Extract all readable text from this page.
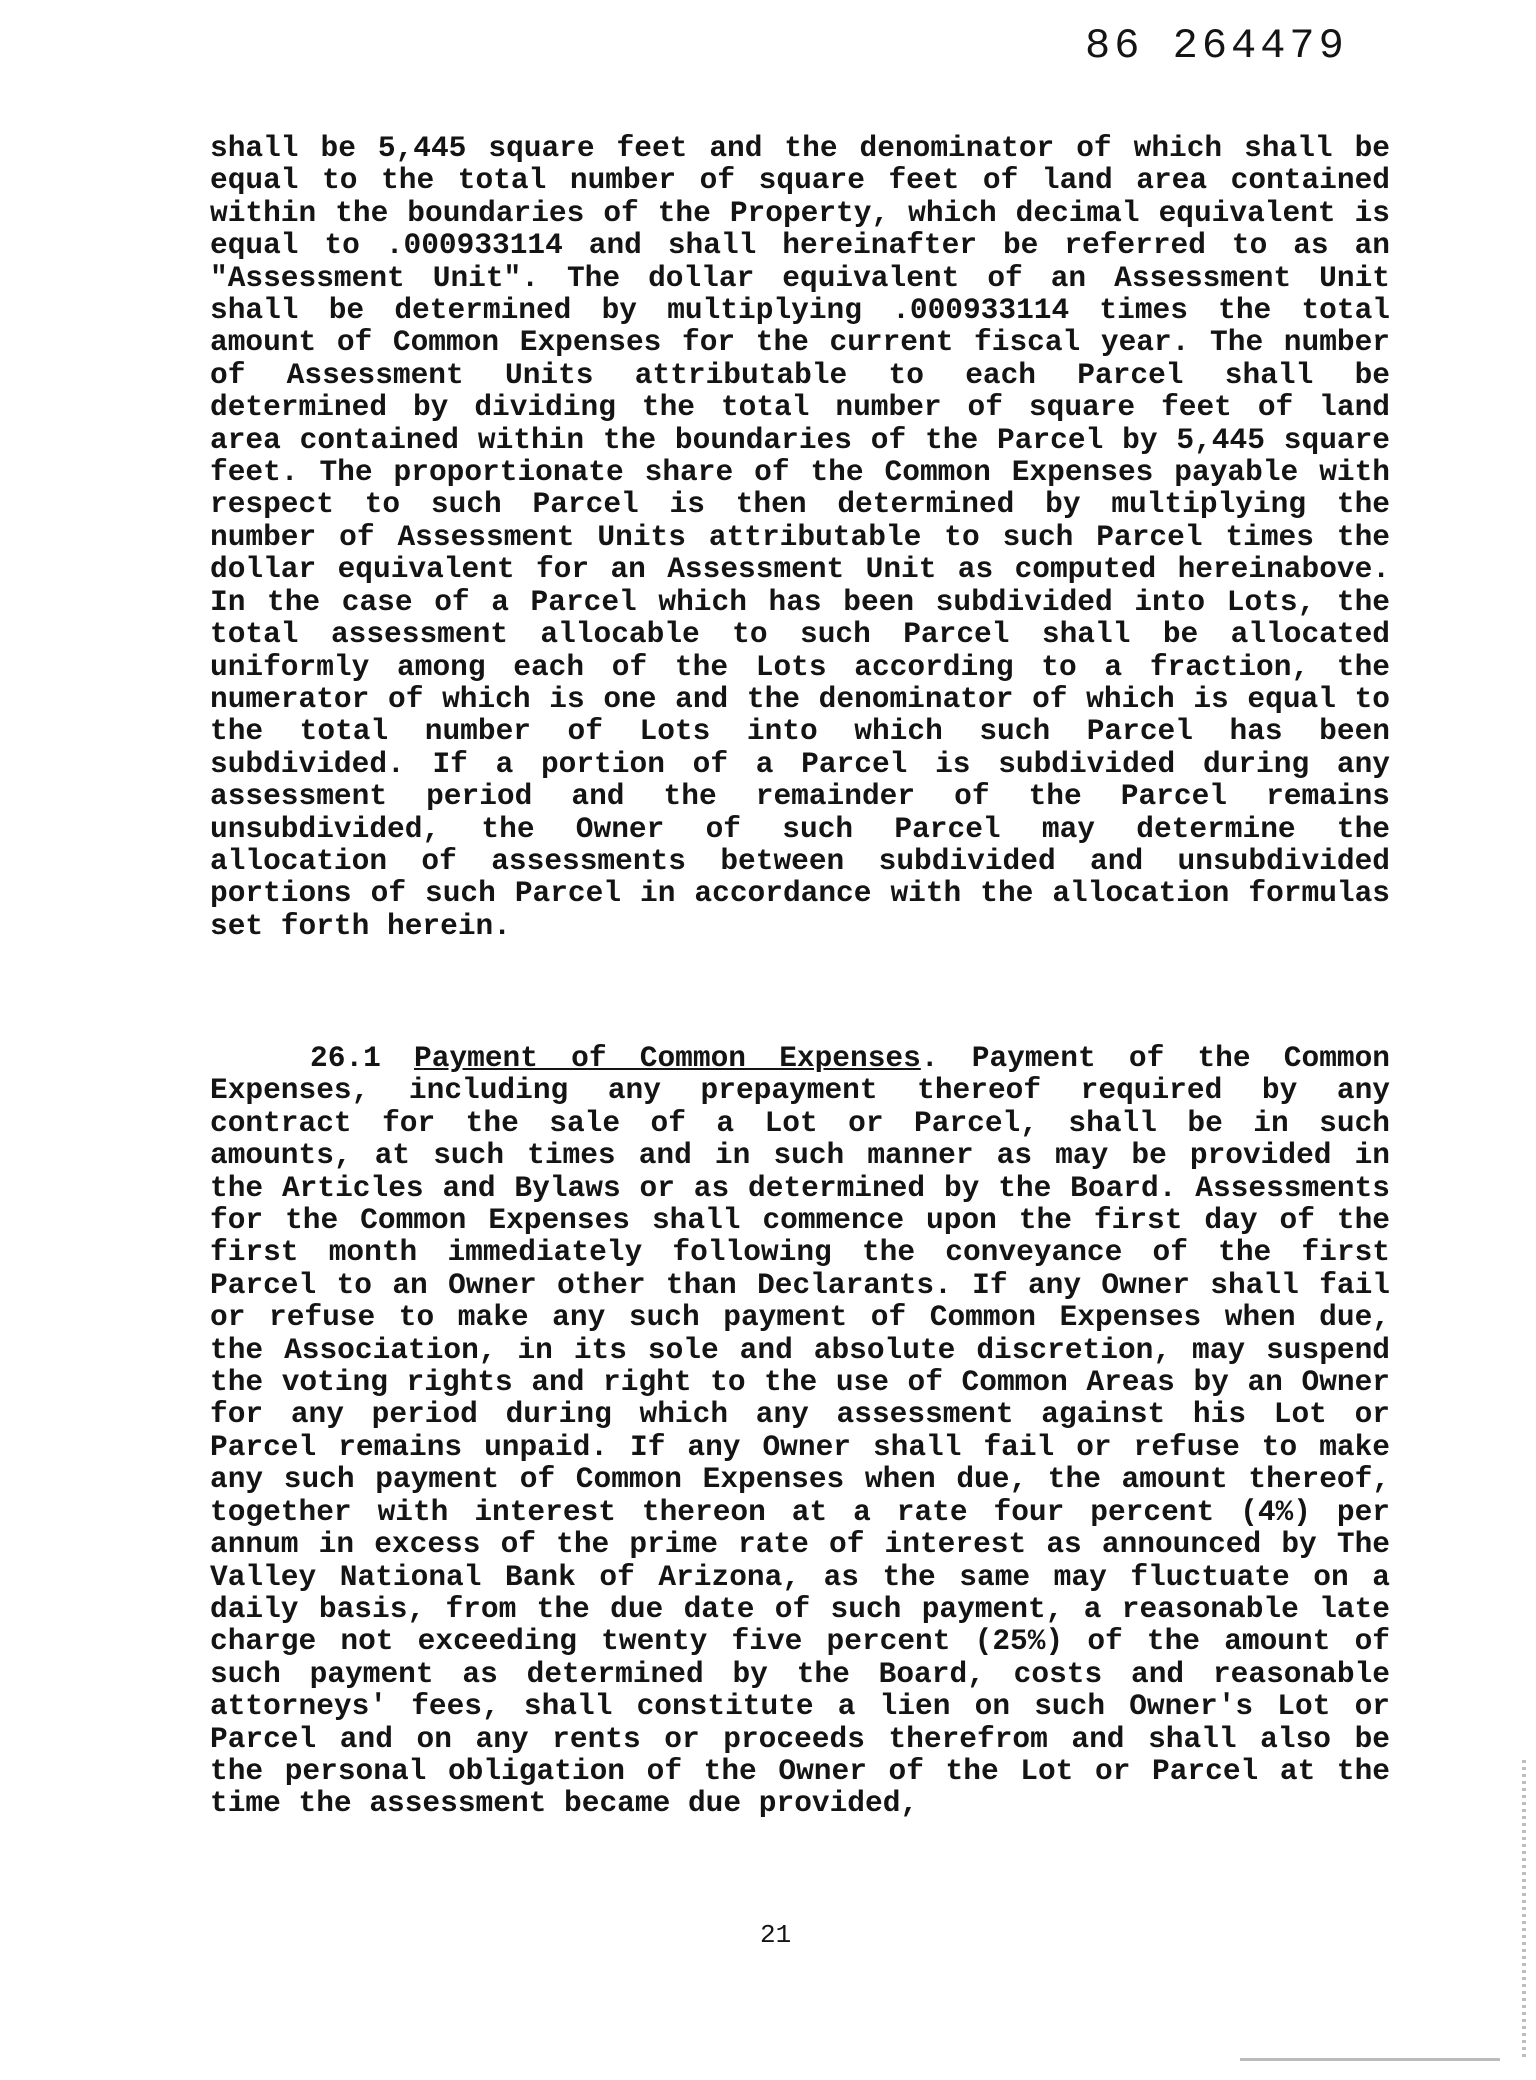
86 264479

shall be 5,445 square feet and the denominator of which shall be equal to the total number of square feet of land area contained within the boundaries of the Property, which decimal equivalent is equal to .000933114 and shall hereinafter be referred to as an "Assessment Unit". The dollar equivalent of an Assessment Unit shall be determined by multiplying .000933114 times the total amount of Common Expenses for the current fiscal year. The number of Assessment Units attributable to each Parcel shall be determined by dividing the total number of square feet of land area contained within the boundaries of the Parcel by 5,445 square feet. The proportionate share of the Common Expenses payable with respect to such Parcel is then determined by multiplying the number of Assessment Units attributable to such Parcel times the dollar equivalent for an Assessment Unit as computed hereinabove. In the case of a Parcel which has been subdivided into Lots, the total assessment allocable to such Parcel shall be allocated uniformly among each of the Lots according to a fraction, the numerator of which is one and the denominator of which is equal to the total number of Lots into which such Parcel has been subdivided. If a portion of a Parcel is subdivided during any assessment period and the remainder of the Parcel remains unsubdivided, the Owner of such Parcel may determine the allocation of assessments between subdivided and unsubdivided portions of such Parcel in accordance with the allocation formulas set forth herein.

26.1 Payment of Common Expenses. Payment of the Common Expenses, including any prepayment thereof required by any contract for the sale of a Lot or Parcel, shall be in such amounts, at such times and in such manner as may be provided in the Articles and Bylaws or as determined by the Board. Assessments for the Common Expenses shall commence upon the first day of the first month immediately following the conveyance of the first Parcel to an Owner other than Declarants. If any Owner shall fail or refuse to make any such payment of Common Expenses when due, the Association, in its sole and absolute discretion, may suspend the voting rights and right to the use of Common Areas by an Owner for any period during which any assessment against his Lot or Parcel remains unpaid. If any Owner shall fail or refuse to make any such payment of Common Expenses when due, the amount thereof, together with interest thereon at a rate four percent (4%) per annum in excess of the prime rate of interest as announced by The Valley National Bank of Arizona, as the same may fluctuate on a daily basis, from the due date of such payment, a reasonable late charge not exceeding twenty five percent (25%) of the amount of such payment as determined by the Board, costs and reasonable attorneys' fees, shall constitute a lien on such Owner's Lot or Parcel and on any rents or proceeds therefrom and shall also be the personal obligation of the Owner of the Lot or Parcel at the time the assessment became due provided,

21
